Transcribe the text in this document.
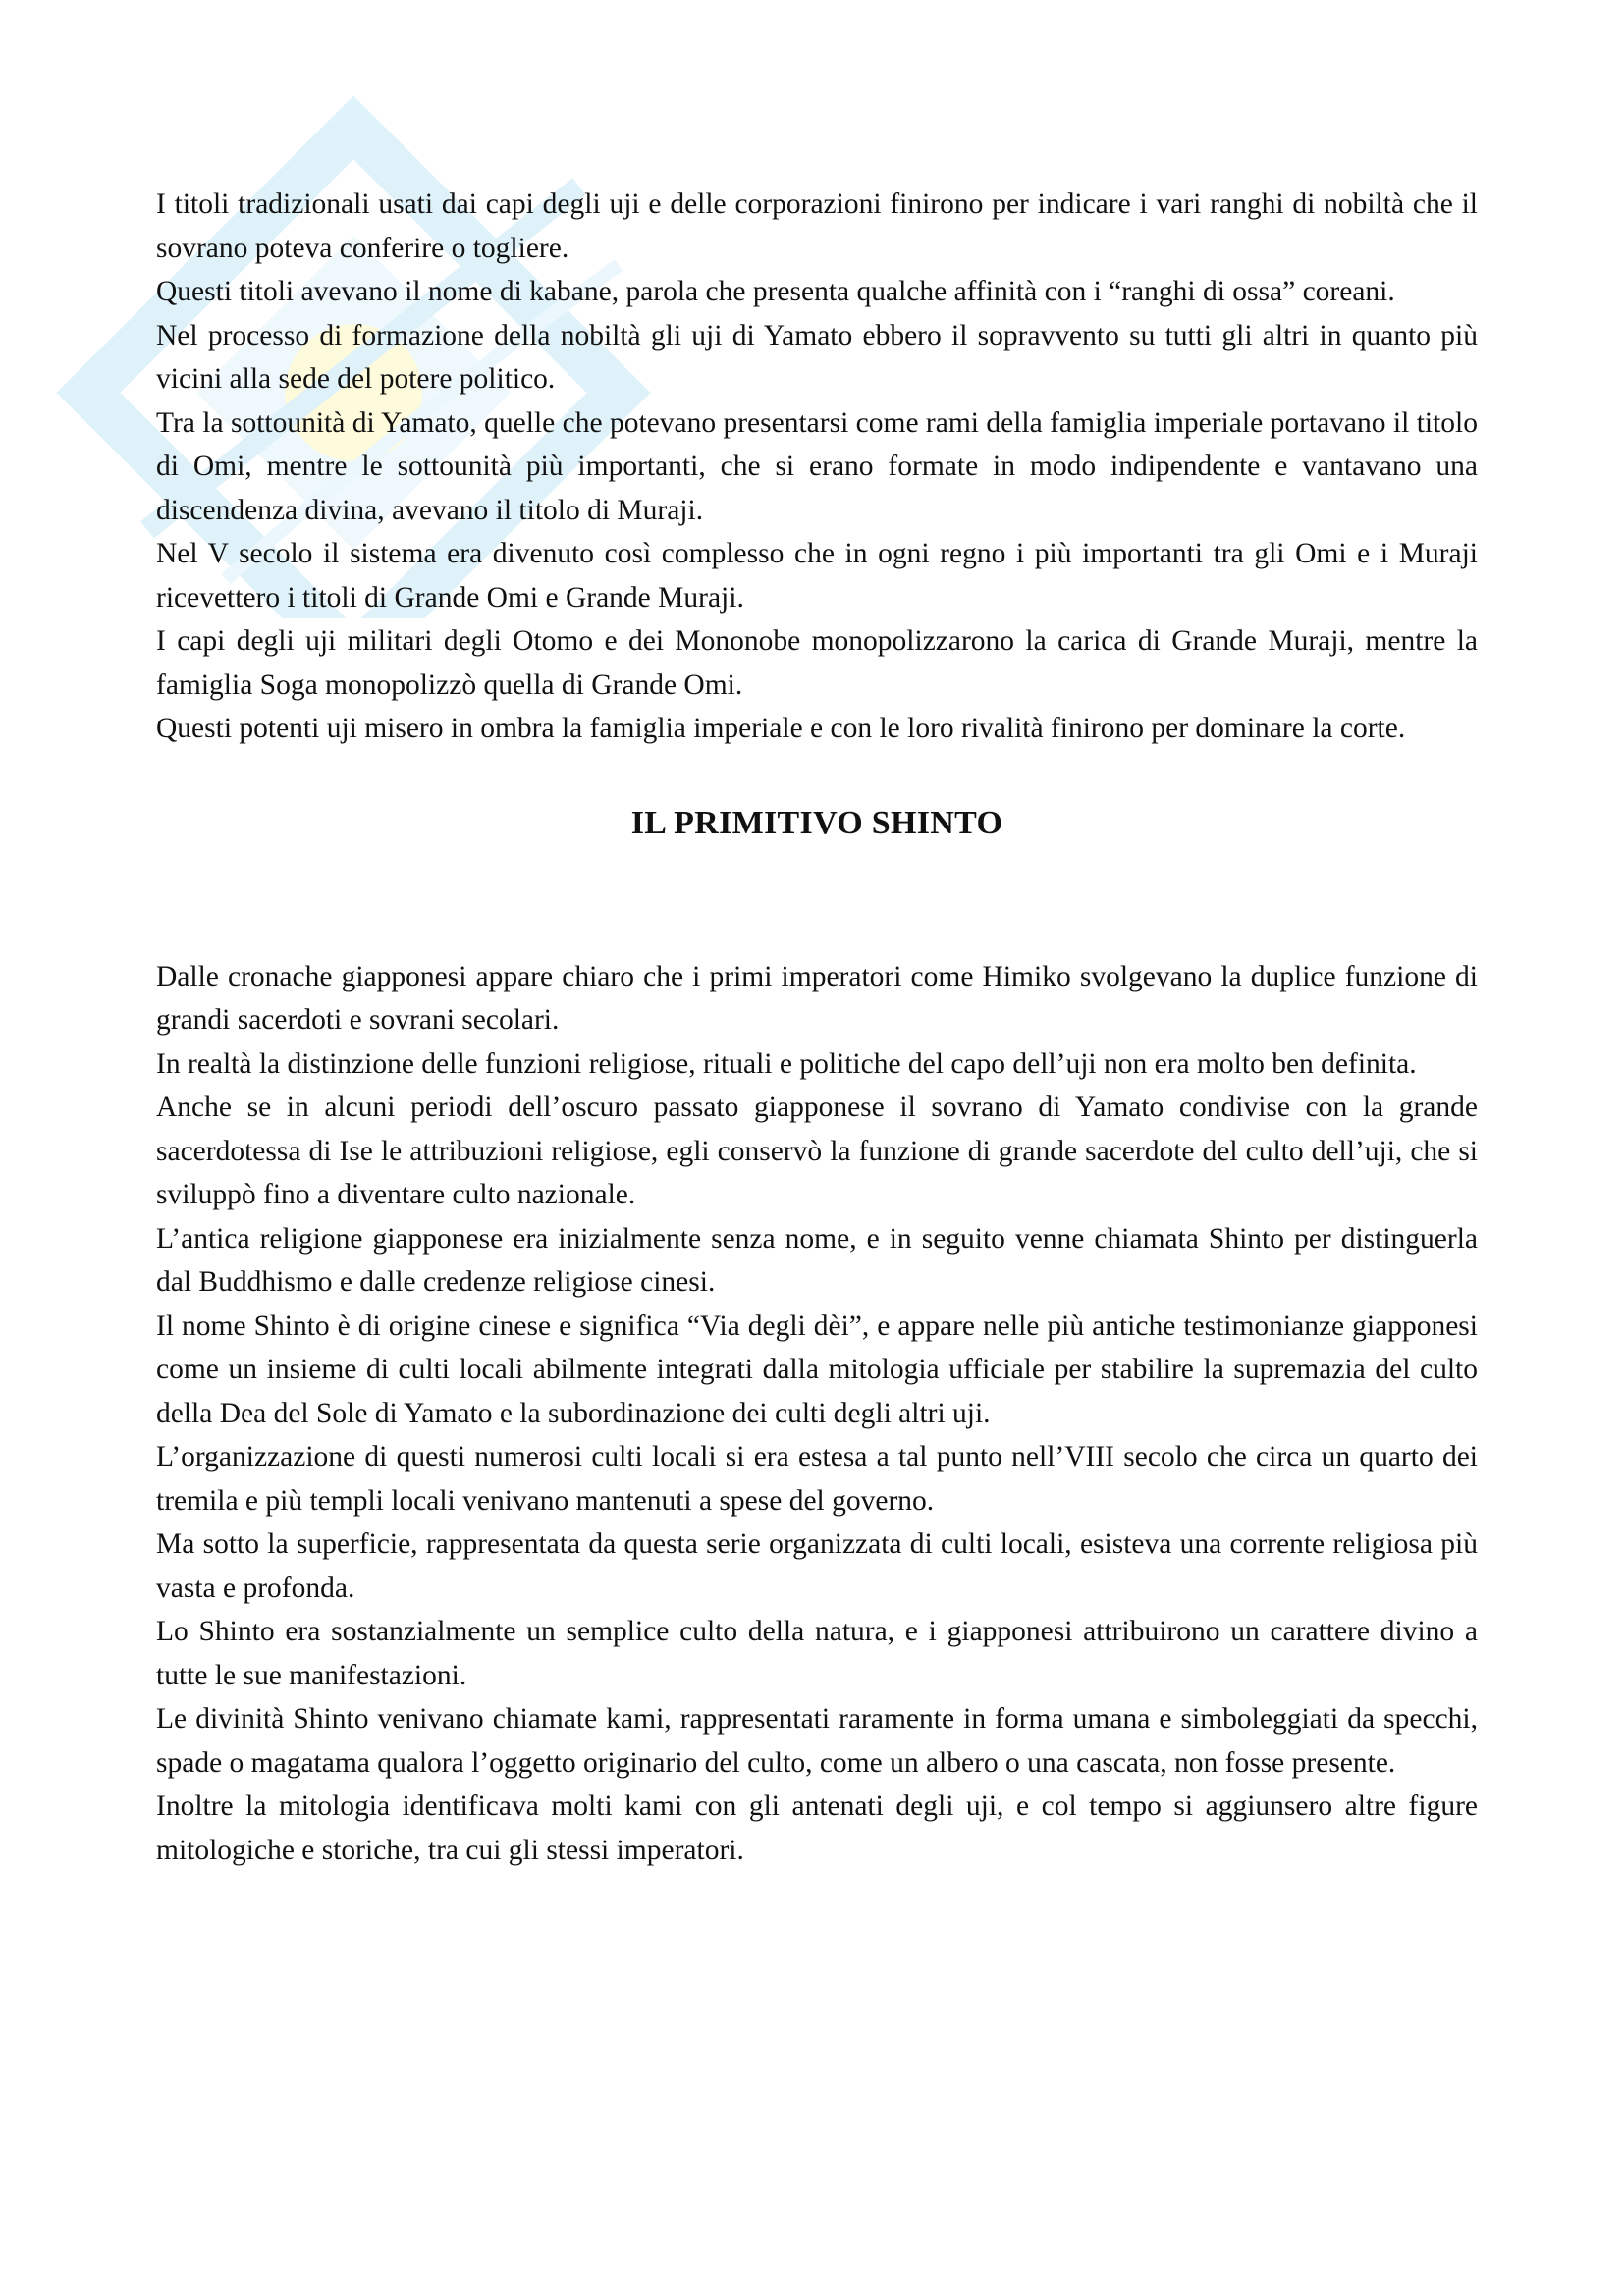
I titoli tradizionali usati dai capi degli uji e delle corporazioni finirono per indicare i vari ranghi di nobiltà che il sovrano poteva conferire o togliere.

Questi titoli avevano il nome di kabane, parola che presenta qualche affinità con i “ranghi di ossa” coreani.

Nel processo di formazione della nobiltà gli uji di Yamato ebbero il sopravvento su tutti gli altri in quanto più vicini alla sede del potere politico.

Tra la sottounità di Yamato, quelle che potevano presentarsi come rami della famiglia imperiale portavano il titolo di Omi, mentre le sottounità più importanti, che si erano formate in modo indipendente e vantavano una discendenza divina, avevano il titolo di Muraji.

Nel V secolo il sistema era divenuto così complesso che in ogni regno i più importanti tra gli Omi e i Muraji ricevettero i titoli di Grande Omi e Grande Muraji.

I capi degli uji militari degli Otomo e dei Mononobe monopolizzarono la carica di Grande Muraji, mentre la famiglia Soga monopolizzò quella di Grande Omi.

Questi potenti uji misero in ombra la famiglia imperiale e con le loro rivalità finirono per dominare la corte.

IL PRIMITIVO SHINTO

Dalle cronache giapponesi appare chiaro che i primi imperatori come Himiko svolgevano la duplice funzione di grandi sacerdoti e sovrani secolari.

In realtà la distinzione delle funzioni religiose, rituali e politiche del capo dell’uji non era molto ben definita.

Anche se in alcuni periodi dell’oscuro passato giapponese il sovrano di Yamato condivise con la grande sacerdotessa di Ise le attribuzioni religiose, egli conservò la funzione di grande sacerdote del culto dell’uji, che si sviluppò fino a diventare culto nazionale.

L’antica religione giapponese era inizialmente senza nome, e in seguito venne chiamata Shinto per distinguerla dal Buddhismo e dalle credenze religiose cinesi.

Il nome Shinto è di origine cinese e significa “Via degli dèi”, e appare nelle più antiche testimonianze giapponesi come un insieme di culti locali abilmente integrati dalla mitologia ufficiale per stabilire la supremazia del culto della Dea del Sole di Yamato e la subordinazione dei culti degli altri uji.

L’organizzazione di questi numerosi culti locali si era estesa a tal punto nell’VIII secolo che circa un quarto dei tremila e più templi locali venivano mantenuti a spese del governo.

Ma sotto la superficie, rappresentata da questa serie organizzata di culti locali, esisteva una corrente religiosa più vasta e profonda.

Lo Shinto era sostanzialmente un semplice culto della natura, e i giapponesi attribuirono un carattere divino a tutte le sue manifestazioni.

Le divinità Shinto venivano chiamate kami, rappresentati raramente in forma umana e simboleggiati da specchi, spade o magatama qualora l’oggetto originario del culto, come un albero o una cascata, non fosse presente.

Inoltre la mitologia identificava molti kami con gli antenati degli uji, e col tempo si aggiunsero altre figure mitologiche e storiche, tra cui gli stessi imperatori.
